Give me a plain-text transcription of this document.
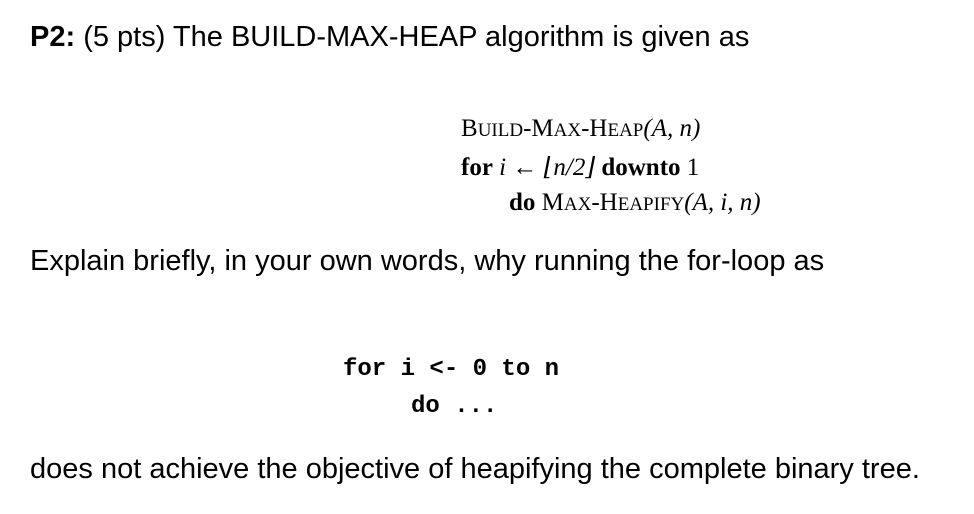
P2: (5 pts) The BUILD-MAX-HEAP algorithm is given as
BUILD-MAX-HEAP(A, n)
for i ← ⌊n/2⌋ downto 1
do MAX-HEAPIFY(A, i, n)
Explain briefly, in your own words, why running the for-loop as
for i <- 0 to n
do ...
does not achieve the objective of heapifying the complete binary tree.
